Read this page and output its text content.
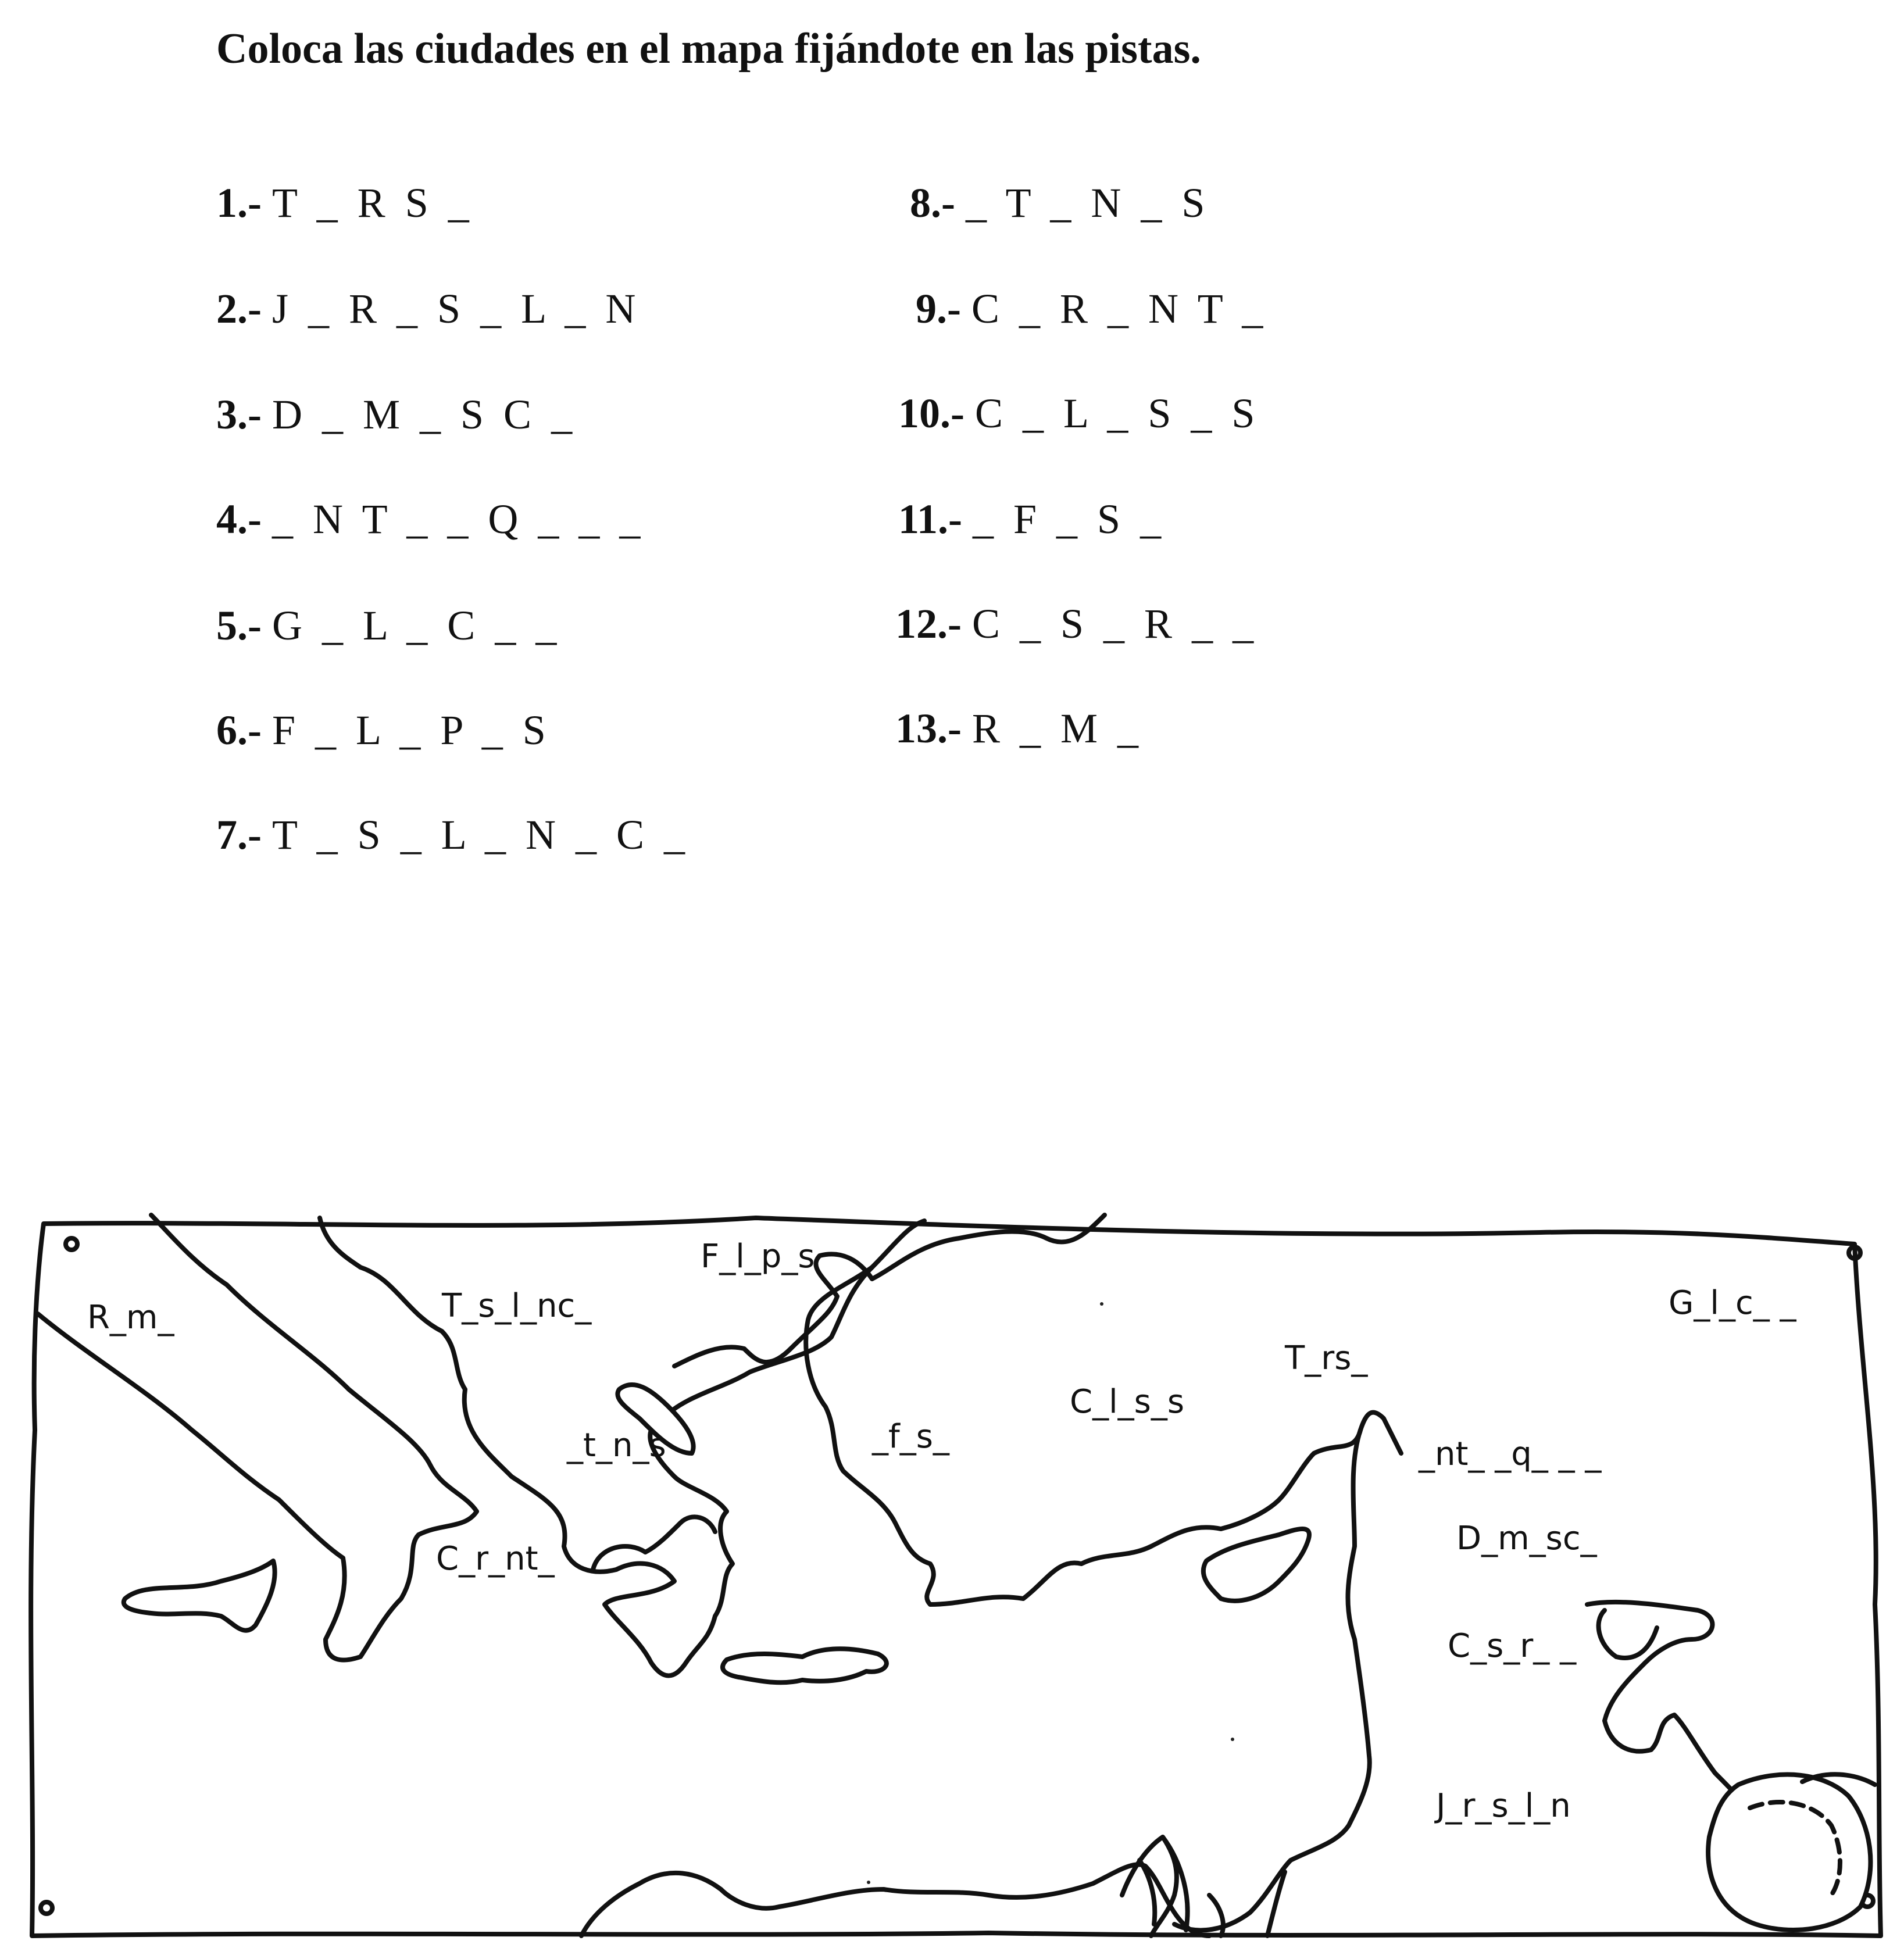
Coloca las ciudades en el mapa fijándote en las pistas.
1.- T _ R S _
2.- J _ R _ S _ L _ N
3.- D _ M _ S C _
4.- _ N T _ _ Q _ _ _
5.- G _ L _ C _ _
6.- F _ L _ P _ S
7.- T _ S _ L _ N _ C _
8.- _ T _ N _ S
9.- C _ R _ N T _
10.- C _ L _ S _ S
11.- _ F _ S _
12.- C _ S _ R _ _
13.- R _ M _
R_m_	T_s_l_nc_
F_l_p_s
_t_n_s
C_r_nt_
_f_s_
C_l_s_s
T_rs_
G_l_c_ _
_nt_ _q_ _ _
D_m_sc_
C_s_r_ _
J_r_s_l_n
